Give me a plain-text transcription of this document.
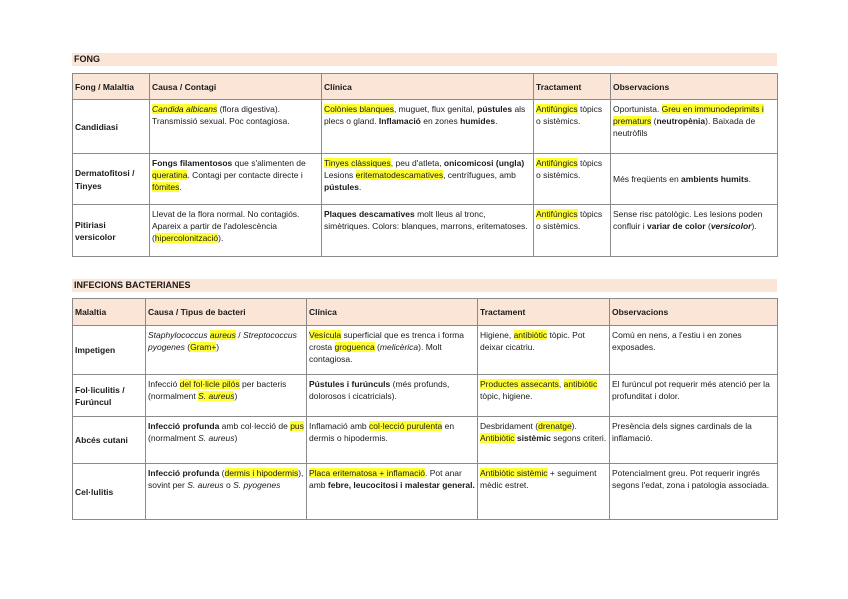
FONG
Fong / Malaltia	Causa / Contagi	Clínica	Tractament	Observacions
Candidiasi	Candida albicans (flora digestiva). Transmissió sexual. Poc contagiosa.	Colònies blanques, muguet, flux genital, pústules als plecs o gland. Inflamació en zones humides.	Antifúngics tòpics o sistèmics.	Oportunista. Greu en immunodeprimits i prematurs (neutropènia). Baixada de neutròfils
Dermatofitosi / Tinyes	Fongs filamentosos que s'alimenten de queratina. Contagi per contacte directe i fòmites.	Tinyes clàssiques, peu d'atleta, onicomicosi (ungla) Lesions eritematodescamatives, centrífugues, amb pústules.	Antifúngics tòpics o sistèmics.	Més freqüents en ambients humits.
Pitiriasi versicolor	Llevat de la flora normal. No contagiós. Apareix a partir de l'adolescència (hipercolonització).	Plaques descamatives molt lleus al tronc, simètriques. Colors: blanques, marrons, eritematoses.	Antifúngics tòpics o sistèmics.	Sense risc patològic. Les lesions poden confluir i variar de color (versicolor).
INFECIONS BACTERIANES
Malaltia	Causa / Tipus de bacteri	Clínica	Tractament	Observacions
Impetigen	Staphylococcus aureus / Streptococcus pyogenes (Gram+)	Vesícula superficial que es trenca i forma crosta groguenca (melicèrica). Molt contagiosa.	Higiene, antibiòtic tòpic. Pot deixar cicatriu.	Comú en nens, a l'estiu i en zones exposades.
Fol·liculitis / Furúncul	Infecció del fol·licle pilós per bacteris (normalment S. aureus)	Pústules i furúnculs (més profunds, dolorosos i cicatricials).	Productes assecants, antibiòtic tòpic, higiene.	El furúncul pot requerir més atenció per la profunditat i dolor.
Abcés cutani	Infecció profunda amb col·lecció de pus (normalment S. aureus)	Inflamació amb col·lecció purulenta en dermis o hipodermis.	Desbridament (drenatge). Antibiòtic sistèmic segons criteri.	Presència dels signes cardinals de la inflamació.
Cel·lulitis	Infecció profunda (dermis i hipodermis), sovint per S. aureus o S. pyogenes	Placa eritematosa + inflamació. Pot anar amb febre, leucocitosi i malestar general.	Antibiòtic sistèmic + seguiment mèdic estret.	Potencialment greu. Pot requerir ingrés segons l'edat, zona i patologia associada.
